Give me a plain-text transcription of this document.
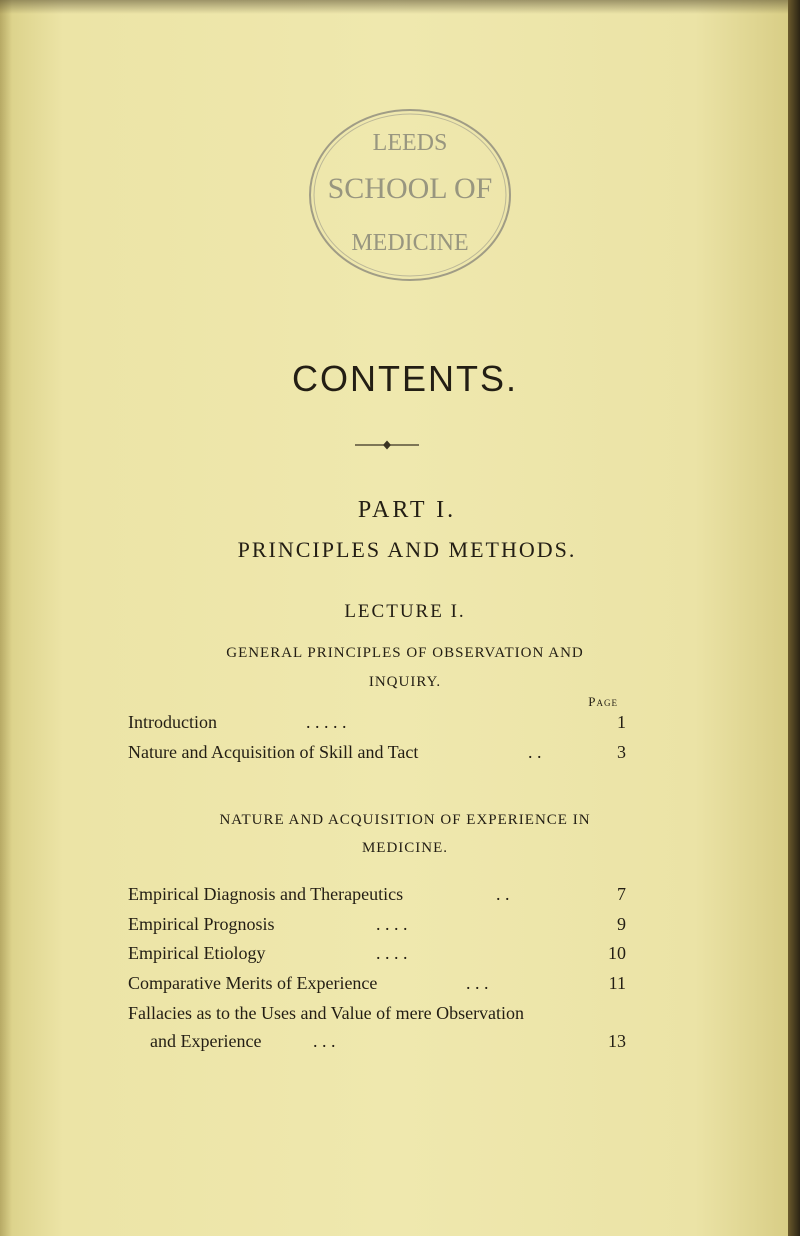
LEEDS
SCHOOL OF
MEDICINE
CONTENTS.
PART I.
PRINCIPLES AND METHODS.
LECTURE I.
GENERAL PRINCIPLES OF OBSERVATION AND
INQUIRY.
Page
Introduction	. . . . .	1
Nature and Acquisition of Skill and Tact	. .	3
NATURE AND ACQUISITION OF EXPERIENCE IN
MEDICINE.
Empirical Diagnosis and Therapeutics	. .	7
Empirical Prognosis	. . . .	9
Empirical Etiology	. . . .	10
Comparative Merits of Experience	. . .	11
Fallacies as to the Uses and Value of mere Observation
and Experience	. . .	13
